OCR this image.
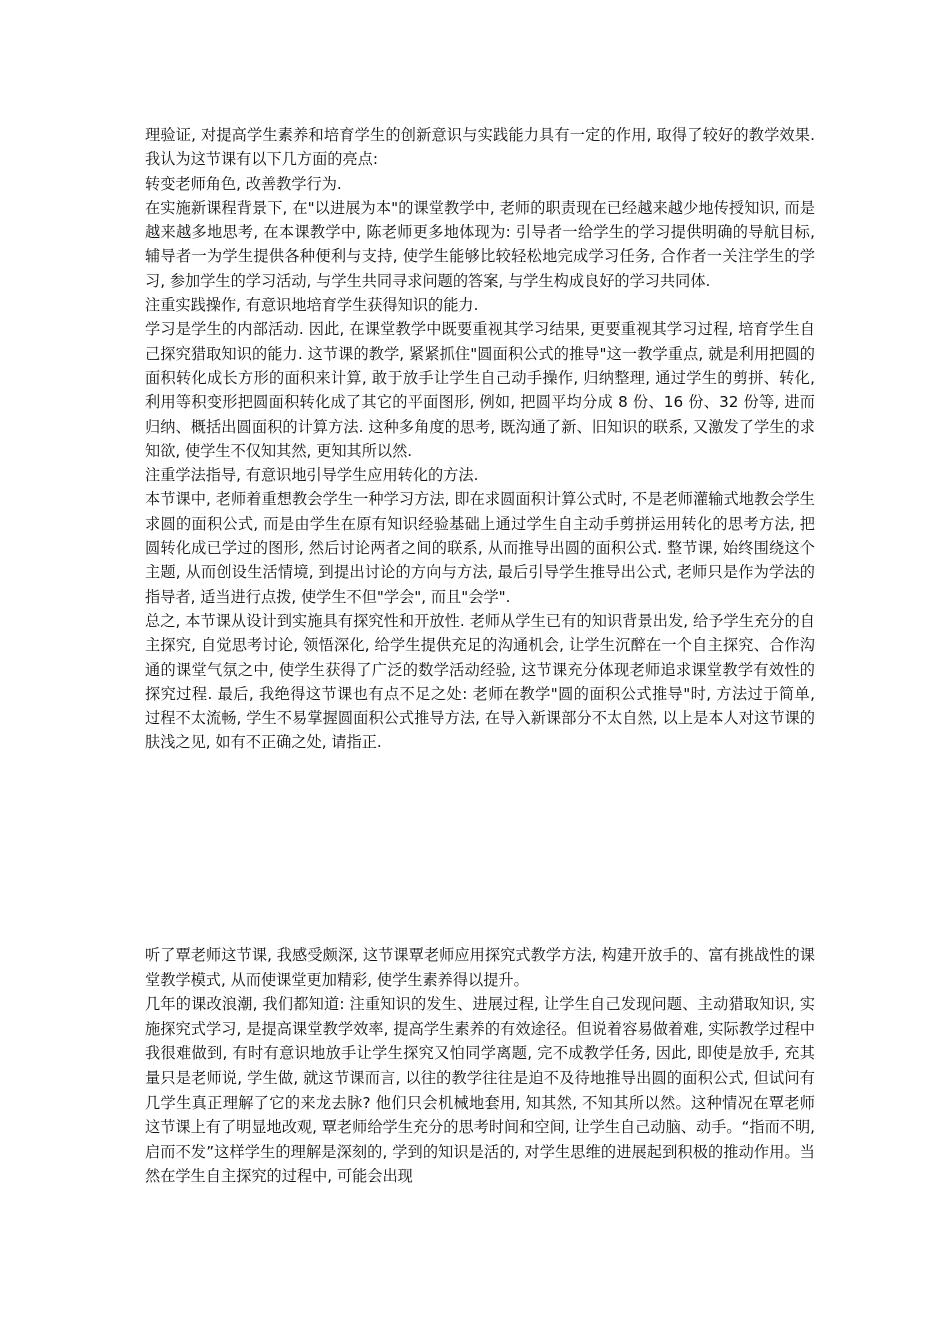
理验证, 对提高学生素养和培育学生的创新意识与实践能力具有一定的作用, 取得了较好的教学效果. 我认为这节课有以下几方面的亮点:

转变老师角色, 改善教学行为.

在实施新课程背景下, 在"以进展为本"的课堂教学中, 老师的职责现在已经越来越少地传授知识, 而是越来越多地思考, 在本课教学中, 陈老师更多地体现为: 引导者一给学生的学习提供明确的导航目标, 辅导者一为学生提供各种便利与支持, 使学生能够比较轻松地完成学习任务, 合作者一关注学生的学习, 参加学生的学习活动, 与学生共同寻求问题的答案, 与学生构成良好的学习共同体.

注重实践操作, 有意识地培育学生获得知识的能力.

学习是学生的内部活动. 因此, 在课堂教学中既要重视其学习结果, 更要重视其学习过程, 培育学生自己探究猎取知识的能力. 这节课的教学, 紧紧抓住"圆面积公式的推导"这一教学重点, 就是利用把圆的面积转化成长方形的面积来计算, 敢于放手让学生自己动手操作, 归纳整理, 通过学生的剪拼、转化, 利用等积变形把圆面积转化成了其它的平面图形, 例如, 把圆平均分成 8 份、16 份、32 份等, 进而归纳、概括出圆面积的计算方法. 这种多角度的思考, 既沟通了新、旧知识的联系, 又激发了学生的求知欲, 使学生不仅知其然, 更知其所以然.

注重学法指导, 有意识地引导学生应用转化的方法.

本节课中, 老师着重想教会学生一种学习方法, 即在求圆面积计算公式时, 不是老师灌输式地教会学生求圆的面积公式, 而是由学生在原有知识经验基础上通过学生自主动手剪拼运用转化的思考方法, 把圆转化成已学过的图形, 然后讨论两者之间的联系, 从而推导出圆的面积公式. 整节课, 始终围绕这个主题, 从而创设生活情境, 到提出讨论的方向与方法, 最后引导学生推导出公式, 老师只是作为学法的指导者, 适当进行点拨, 使学生不但"学会", 而且"会学".

总之, 本节课从设计到实施具有探究性和开放性. 老师从学生已有的知识背景出发, 给予学生充分的自主探究, 自觉思考讨论, 领悟深化, 给学生提供充足的沟通机会, 让学生沉醉在一个自主探究、合作沟通的课堂气氛之中, 使学生获得了广泛的数学活动经验, 这节课充分体现老师追求课堂教学有效性的探究过程. 最后, 我绝得这节课也有点不足之处: 老师在教学"圆的面积公式推导"时, 方法过于简单, 过程不太流畅, 学生不易掌握圆面积公式推导方法, 在导入新课部分不太自然, 以上是本人对这节课的肤浅之见, 如有不正确之处, 请指正.

听了覃老师这节课, 我感受颇深, 这节课覃老师应用探究式教学方法, 构建开放手的、富有挑战性的课堂教学模式, 从而使课堂更加精彩, 使学生素养得以提升。

几年的课改浪潮, 我们都知道: 注重知识的发生、进展过程, 让学生自己发现问题、主动猎取知识, 实施探究式学习, 是提高课堂教学效率, 提高学生素养的有效途径。但说着容易做着难, 实际教学过程中我很难做到, 有时有意识地放手让学生探究又怕同学离题, 完不成教学任务, 因此, 即使是放手, 充其量只是老师说, 学生做, 就这节课而言, 以往的教学往往是迫不及待地推导出圆的面积公式, 但试问有几学生真正理解了它的来龙去脉? 他们只会机械地套用, 知其然, 不知其所以然。这种情况在覃老师这节课上有了明显地改观, 覃老师给学生充分的思考时间和空间, 让学生自己动脑、动手。“指而不明, 启而不发”这样学生的理解是深刻的, 学到的知识是活的, 对学生思维的进展起到积极的推动作用。当然在学生自主探究的过程中, 可能会出现
